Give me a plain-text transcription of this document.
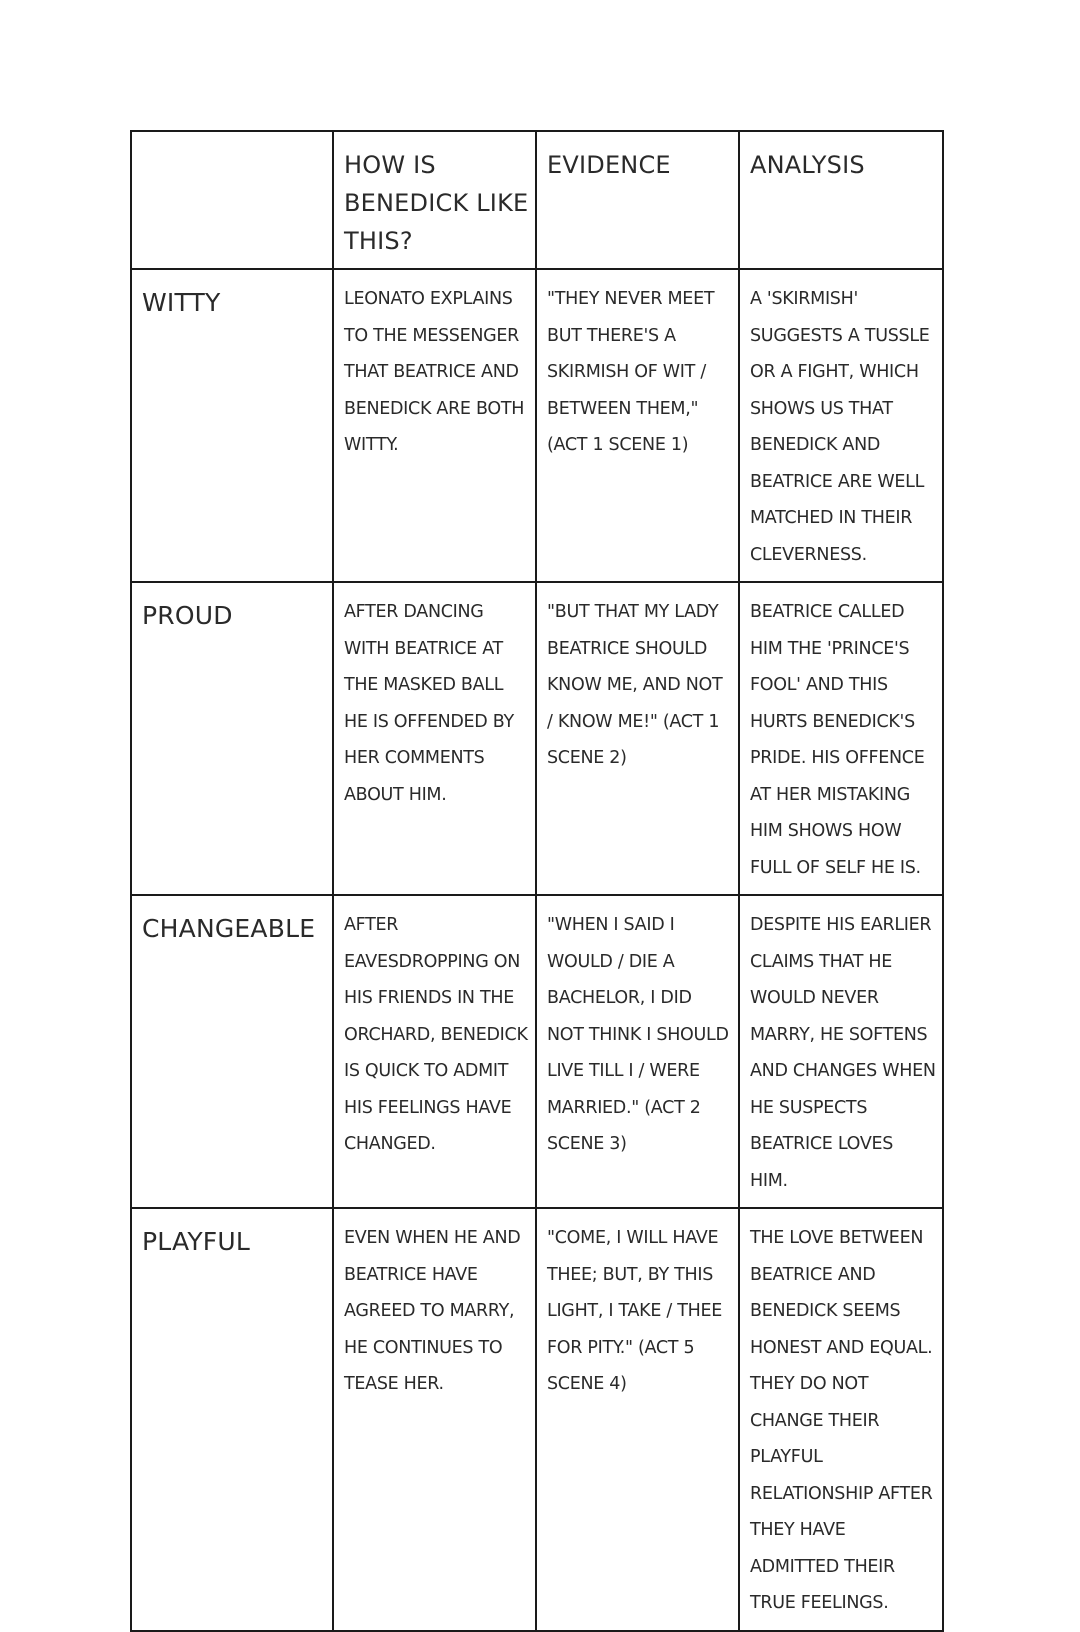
	HOW IS BENEDICK LIKE THIS?	EVIDENCE	ANALYSIS
WITTY	LEONATO EXPLAINS TO THE MESSENGER THAT BEATRICE AND BENEDICK ARE BOTH WITTY.	"THEY NEVER MEET BUT THERE'S A SKIRMISH OF WIT / BETWEEN THEM," (ACT 1 SCENE 1)	A 'SKIRMISH' SUGGESTS A TUSSLE OR A FIGHT, WHICH SHOWS US THAT BENEDICK AND BEATRICE ARE WELL MATCHED IN THEIR CLEVERNESS.
PROUD	AFTER DANCING WITH BEATRICE AT THE MASKED BALL HE IS OFFENDED BY HER COMMENTS ABOUT HIM.	"BUT THAT MY LADY BEATRICE SHOULD KNOW ME, AND NOT / KNOW ME!" (ACT 1 SCENE 2)	BEATRICE CALLED HIM THE 'PRINCE'S FOOL' AND THIS HURTS BENEDICK'S PRIDE. HIS OFFENCE AT HER MISTAKING HIM SHOWS HOW FULL OF SELF HE IS.
CHANGEABLE	AFTER EAVESDROPPING ON HIS FRIENDS IN THE ORCHARD, BENEDICK IS QUICK TO ADMIT HIS FEELINGS HAVE CHANGED.	"WHEN I SAID I WOULD / DIE A BACHELOR, I DID NOT THINK I SHOULD LIVE TILL I / WERE MARRIED." (ACT 2 SCENE 3)	DESPITE HIS EARLIER CLAIMS THAT HE WOULD NEVER MARRY, HE SOFTENS AND CHANGES WHEN HE SUSPECTS BEATRICE LOVES HIM.
PLAYFUL	EVEN WHEN HE AND BEATRICE HAVE AGREED TO MARRY, HE CONTINUES TO TEASE HER.	"COME, I WILL HAVE THEE; BUT, BY THIS LIGHT, I TAKE / THEE FOR PITY." (ACT 5 SCENE 4)	THE LOVE BETWEEN BEATRICE AND BENEDICK SEEMS HONEST AND EQUAL. THEY DO NOT CHANGE THEIR PLAYFUL RELATIONSHIP AFTER THEY HAVE ADMITTED THEIR TRUE FEELINGS.
